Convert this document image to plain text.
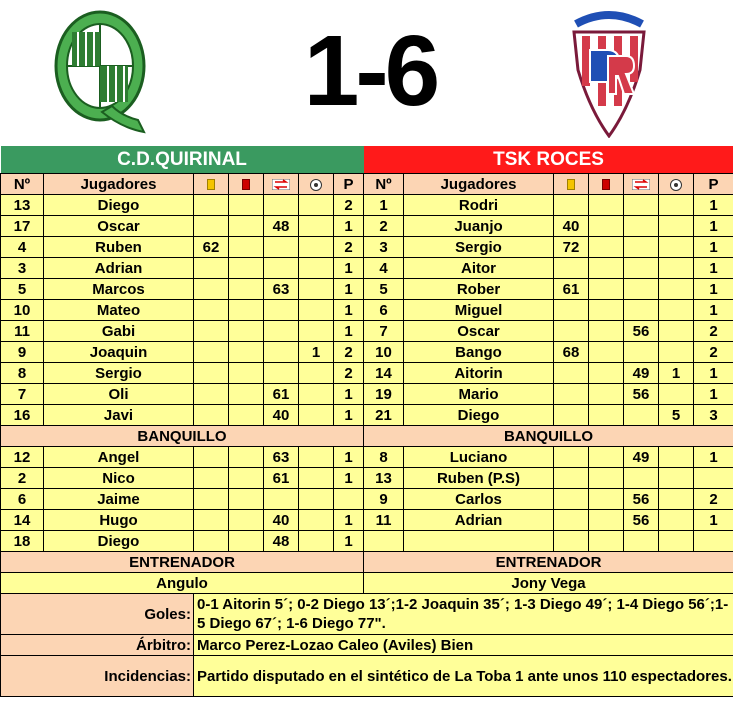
1-6
C.D.QUIRINAL							TSK ROCES						
Nº	Jugadores					P	Nº	Jugadores					P
13	Diego					2	1	Rodri					1
17	Oscar			48		1	2	Juanjo	40				1
4	Ruben	62				2	3	Sergio	72				1
3	Adrian					1	4	Aitor					1
5	Marcos			63		1	5	Rober	61				1
10	Mateo					1	6	Miguel					1
11	Gabi					1	7	Oscar			56		2
9	Joaquin				1	2	10	Bango	68				2
8	Sergio					2	14	Aitorin			49	1	1
7	Oli			61		1	19	Mario			56		1
16	Javi			40		1	21	Diego				5	3
BANQUILLO							BANQUILLO						
12	Angel			63		1	8	Luciano			49		1
2	Nico			61		1	13	Ruben (P.S)					
6	Jaime						9	Carlos			56		2
14	Hugo			40		1	11	Adrian			56		1
18	Diego			48		1							
ENTRENADOR							ENTRENADOR						
Angulo							Jony Vega						
Goles:		0-1 Aitorin 5´; 0-2 Diego 13´;1-2 Joaquin 35´; 1-3 Diego 49´; 1-4 Diego 56´;1-5 Diego 67´; 1-6 Diego 77".											
Árbitro:		Marco Perez-Lozao Caleo (Aviles) Bien											
Incidencias:		Partido disputado en el sintético de La Toba 1 ante unos 110 espectadores.											
